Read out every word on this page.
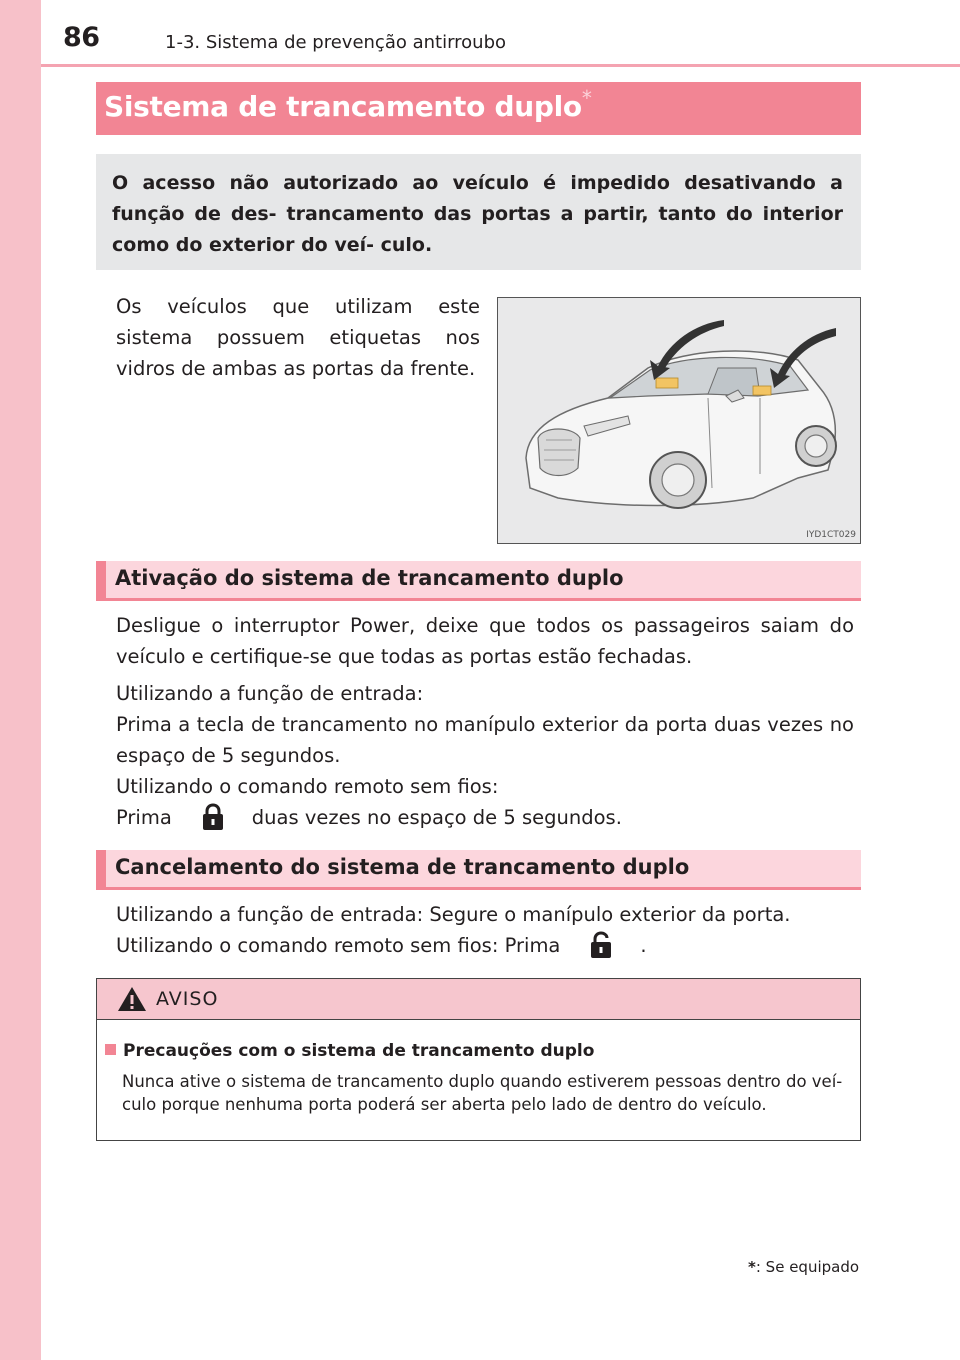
86	1-3. Sistema de prevenção antirroubo
Sistema de trancamento duplo*
O acesso não autorizado ao veículo é impedido desativando a função de des- trancamento das portas a partir, tanto do interior como do exterior do veí- culo.
Os veículos que utilizam este sistema possuem etiquetas nos vidros de ambas as portas da frente.
IYD1CT029
Ativação do sistema de trancamento duplo
Desligue o interruptor Power, deixe que todos os passageiros saiam do veículo e certifique-se que todas as portas estão fechadas.
Utilizando a função de entrada:
Prima a tecla de trancamento no manípulo exterior da porta duas vezes no espaço de 5 segundos.
Utilizando o comando remoto sem fios:
Prima	duas vezes no espaço de 5 segundos.
Cancelamento do sistema de trancamento duplo
Utilizando a função de entrada: Segure o manípulo exterior da porta.
Utilizando o comando remoto sem fios: Prima	.
AVISO
Precauções com o sistema de trancamento duplo
Nunca ative o sistema de trancamento duplo quando estiverem pessoas dentro do veí- culo porque nenhuma porta poderá ser aberta pelo lado de dentro do veículo.
*: Se equipado
